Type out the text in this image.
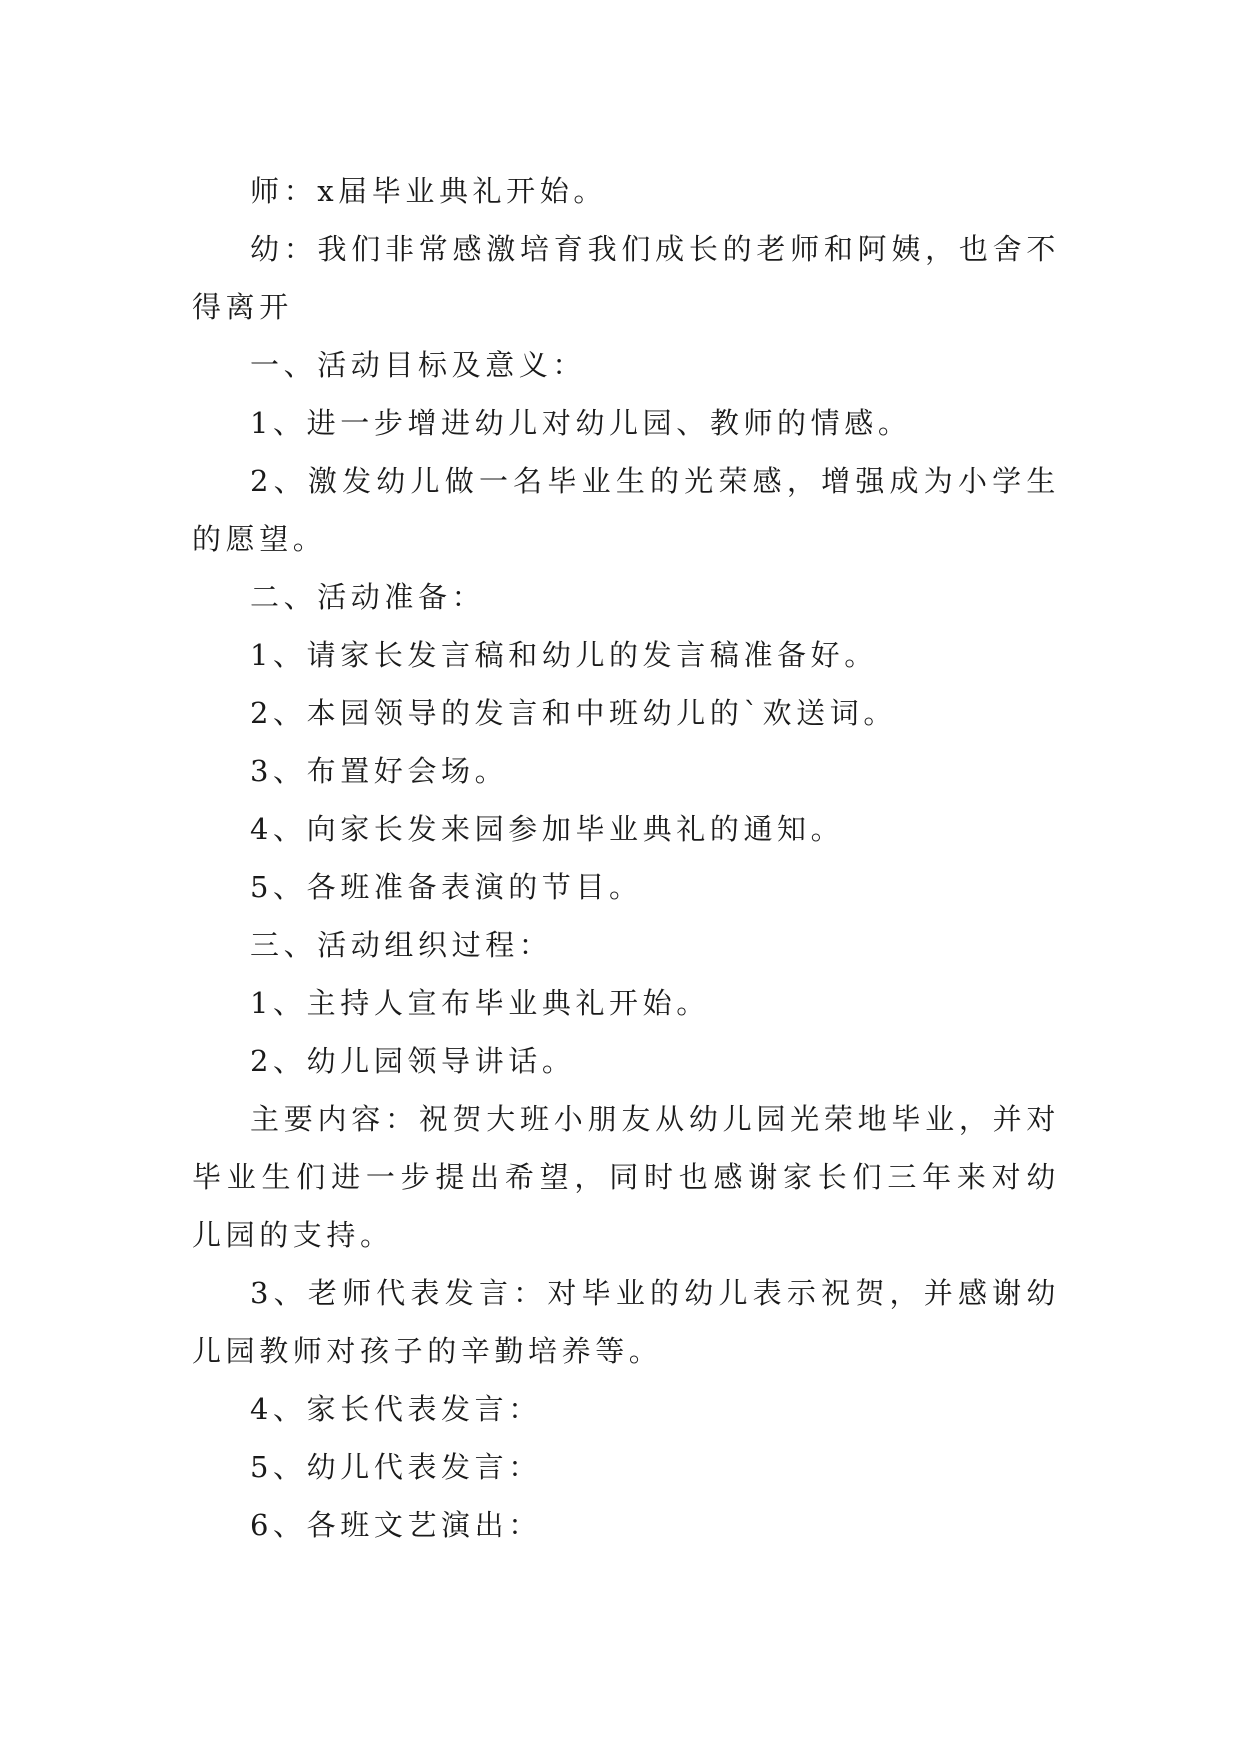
师：x届毕业典礼开始。

幼：我们非常感激培育我们成长的老师和阿姨，也舍不得离开

一、活动目标及意义：

1、进一步增进幼儿对幼儿园、教师的情感。

2、激发幼儿做一名毕业生的光荣感，增强成为小学生的愿望。

二、活动准备：

1、请家长发言稿和幼儿的发言稿准备好。

2、本园领导的发言和中班幼儿的`欢送词。

3、布置好会场。

4、向家长发来园参加毕业典礼的通知。

5、各班准备表演的节目。

三、活动组织过程：

1、主持人宣布毕业典礼开始。

2、幼儿园领导讲话。

主要内容：祝贺大班小朋友从幼儿园光荣地毕业，并对毕业生们进一步提出希望，同时也感谢家长们三年来对幼儿园的支持。

3、老师代表发言：对毕业的幼儿表示祝贺，并感谢幼儿园教师对孩子的辛勤培养等。

4、家长代表发言：

5、幼儿代表发言：

6、各班文艺演出：
